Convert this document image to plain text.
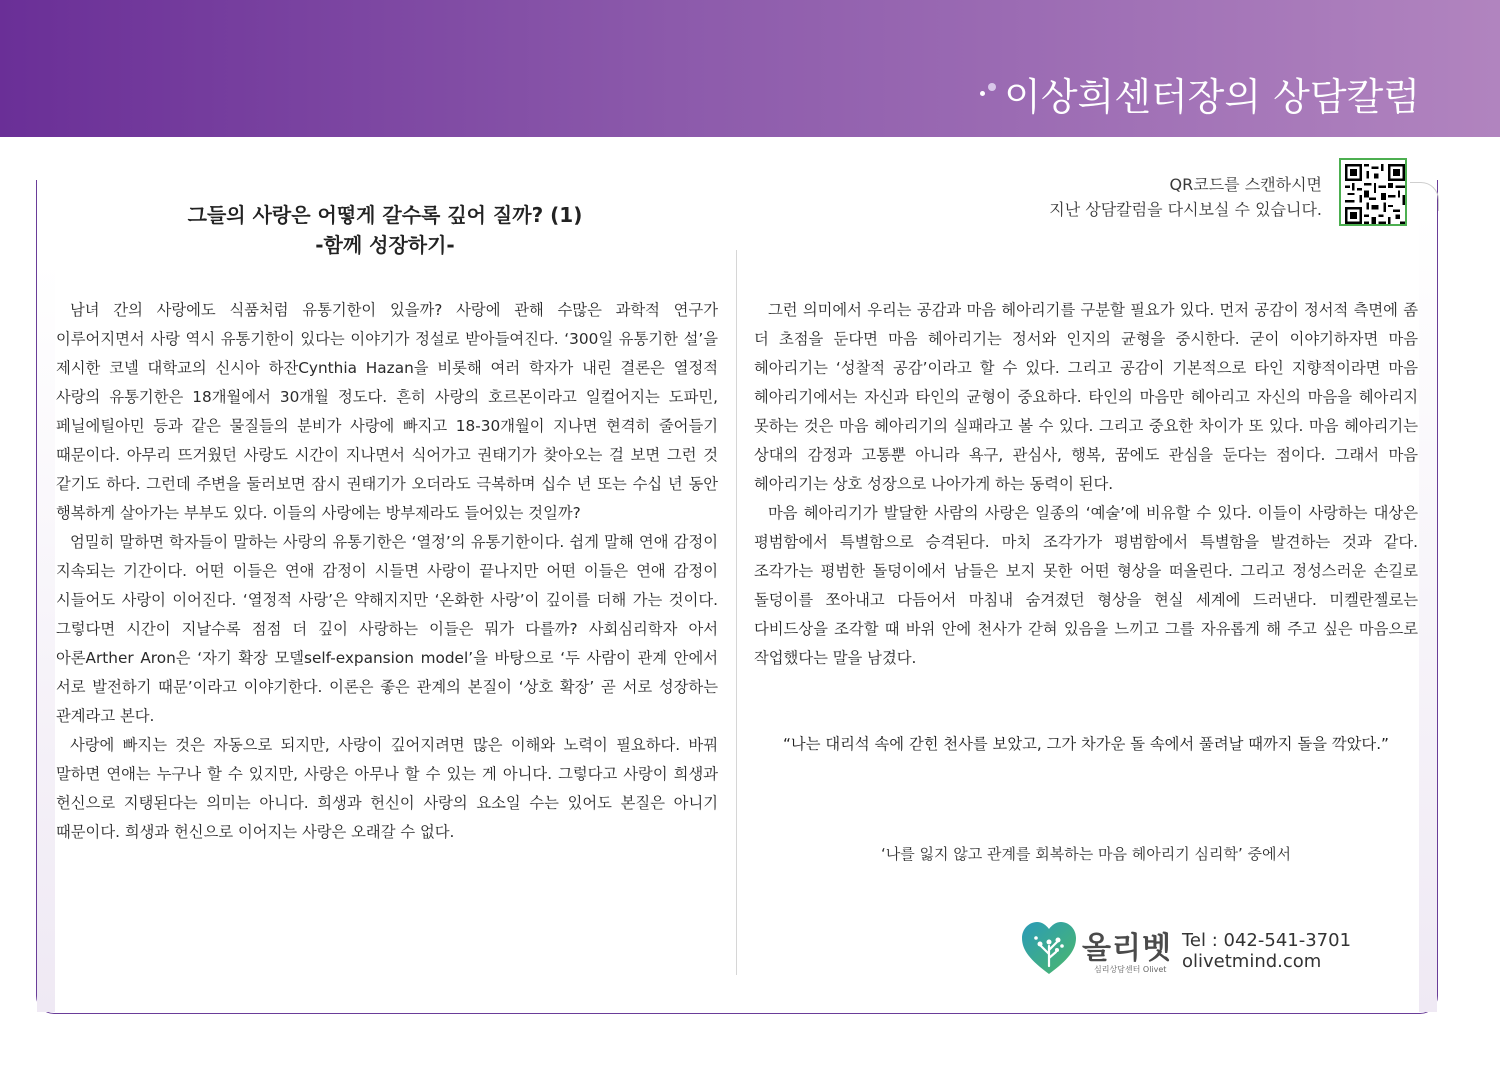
이상희센터장의 상담칼럼
그들의 사랑은 어떻게 갈수록 깊어 질까? (1)
-함께 성장하기-
QR코드를 스캔하시면
지난 상담칼럼을 다시보실 수 있습니다.

남녀 간의 사랑에도 식품처럼 유통기한이 있을까? 사랑에 관해 수많은 과학적 연구가 이루어지면서 사랑 역시 유통기한이 있다는 이야기가 정설로 받아들여진다. ‘300일 유통기한 설’을 제시한 코넬 대학교의 신시아 하잔Cynthia Hazan을 비롯해 여러 학자가 내린 결론은 열정적 사랑의 유통기한은 18개월에서 30개월 정도다. 흔히 사랑의 호르몬이라고 일컬어지는 도파민, 페닐에틸아민 등과 같은 물질들의 분비가 사랑에 빠지고 18-30개월이 지나면 현격히 줄어들기 때문이다. 아무리 뜨거웠던 사랑도 시간이 지나면서 식어가고 권태기가 찾아오는 걸 보면 그런 것 같기도 하다. 그런데 주변을 둘러보면 잠시 권태기가 오더라도 극복하며 십수 년 또는 수십 년 동안 행복하게 살아가는 부부도 있다. 이들의 사랑에는 방부제라도 들어있는 것일까?

엄밀히 말하면 학자들이 말하는 사랑의 유통기한은 ‘열정’의 유통기한이다. 쉽게 말해 연애 감정이 지속되는 기간이다. 어떤 이들은 연애 감정이 시들면 사랑이 끝나지만 어떤 이들은 연애 감정이 시들어도 사랑이 이어진다. ‘열정적 사랑’은 약해지지만 ‘온화한 사랑’이 깊이를 더해 가는 것이다. 그렇다면 시간이 지날수록 점점 더 깊이 사랑하는 이들은 뭐가 다를까? 사회심리학자 아서 아론Arther Aron은 ‘자기 확장 모델self-expansion model’을 바탕으로 ‘두 사람이 관계 안에서 서로 발전하기 때문’이라고 이야기한다. 이론은 좋은 관계의 본질이 ‘상호 확장’ 곧 서로 성장하는 관계라고 본다.

사랑에 빠지는 것은 자동으로 되지만, 사랑이 깊어지려면 많은 이해와 노력이 필요하다. 바꿔 말하면 연애는 누구나 할 수 있지만, 사랑은 아무나 할 수 있는 게 아니다. 그렇다고 사랑이 희생과 헌신으로 지탱된다는 의미는 아니다. 희생과 헌신이 사랑의 요소일 수는 있어도 본질은 아니기 때문이다. 희생과 헌신으로 이어지는 사랑은 오래갈 수 없다.

그런 의미에서 우리는 공감과 마음 헤아리기를 구분할 필요가 있다. 먼저 공감이 정서적 측면에 좀 더 초점을 둔다면 마음 헤아리기는 정서와 인지의 균형을 중시한다. 굳이 이야기하자면 마음 헤아리기는 ‘성찰적 공감’이라고 할 수 있다. 그리고 공감이 기본적으로 타인 지향적이라면 마음 헤아리기에서는 자신과 타인의 균형이 중요하다. 타인의 마음만 헤아리고 자신의 마음을 헤아리지 못하는 것은 마음 헤아리기의 실패라고 볼 수 있다. 그리고 중요한 차이가 또 있다. 마음 헤아리기는 상대의 감정과 고통뿐 아니라 욕구, 관심사, 행복, 꿈에도 관심을 둔다는 점이다. 그래서 마음 헤아리기는 상호 성장으로 나아가게 하는 동력이 된다.

마음 헤아리기가 발달한 사람의 사랑은 일종의 ‘예술’에 비유할 수 있다. 이들이 사랑하는 대상은 평범함에서 특별함으로 승격된다. 마치 조각가가 평범함에서 특별함을 발견하는 것과 같다. 조각가는 평범한 돌덩이에서 남들은 보지 못한 어떤 형상을 떠올린다. 그리고 정성스러운 손길로 돌덩이를 쪼아내고 다듬어서 마침내 숨겨졌던 형상을 현실 세계에 드러낸다. 미켈란젤로는 다비드상을 조각할 때 바위 안에 천사가 갇혀 있음을 느끼고 그를 자유롭게 해 주고 싶은 마음으로 작업했다는 말을 남겼다.

“나는 대리석 속에 갇힌 천사를 보았고, 그가 차가운 돌 속에서 풀려날 때까지 돌을 깍았다.”
‘나를 잃지 않고 관계를 회복하는 마음 헤아리기 심리학’ 중에서
올리벳
심리상담센터 Olivet
Tel : 042-541-3701
olivetmind.com
